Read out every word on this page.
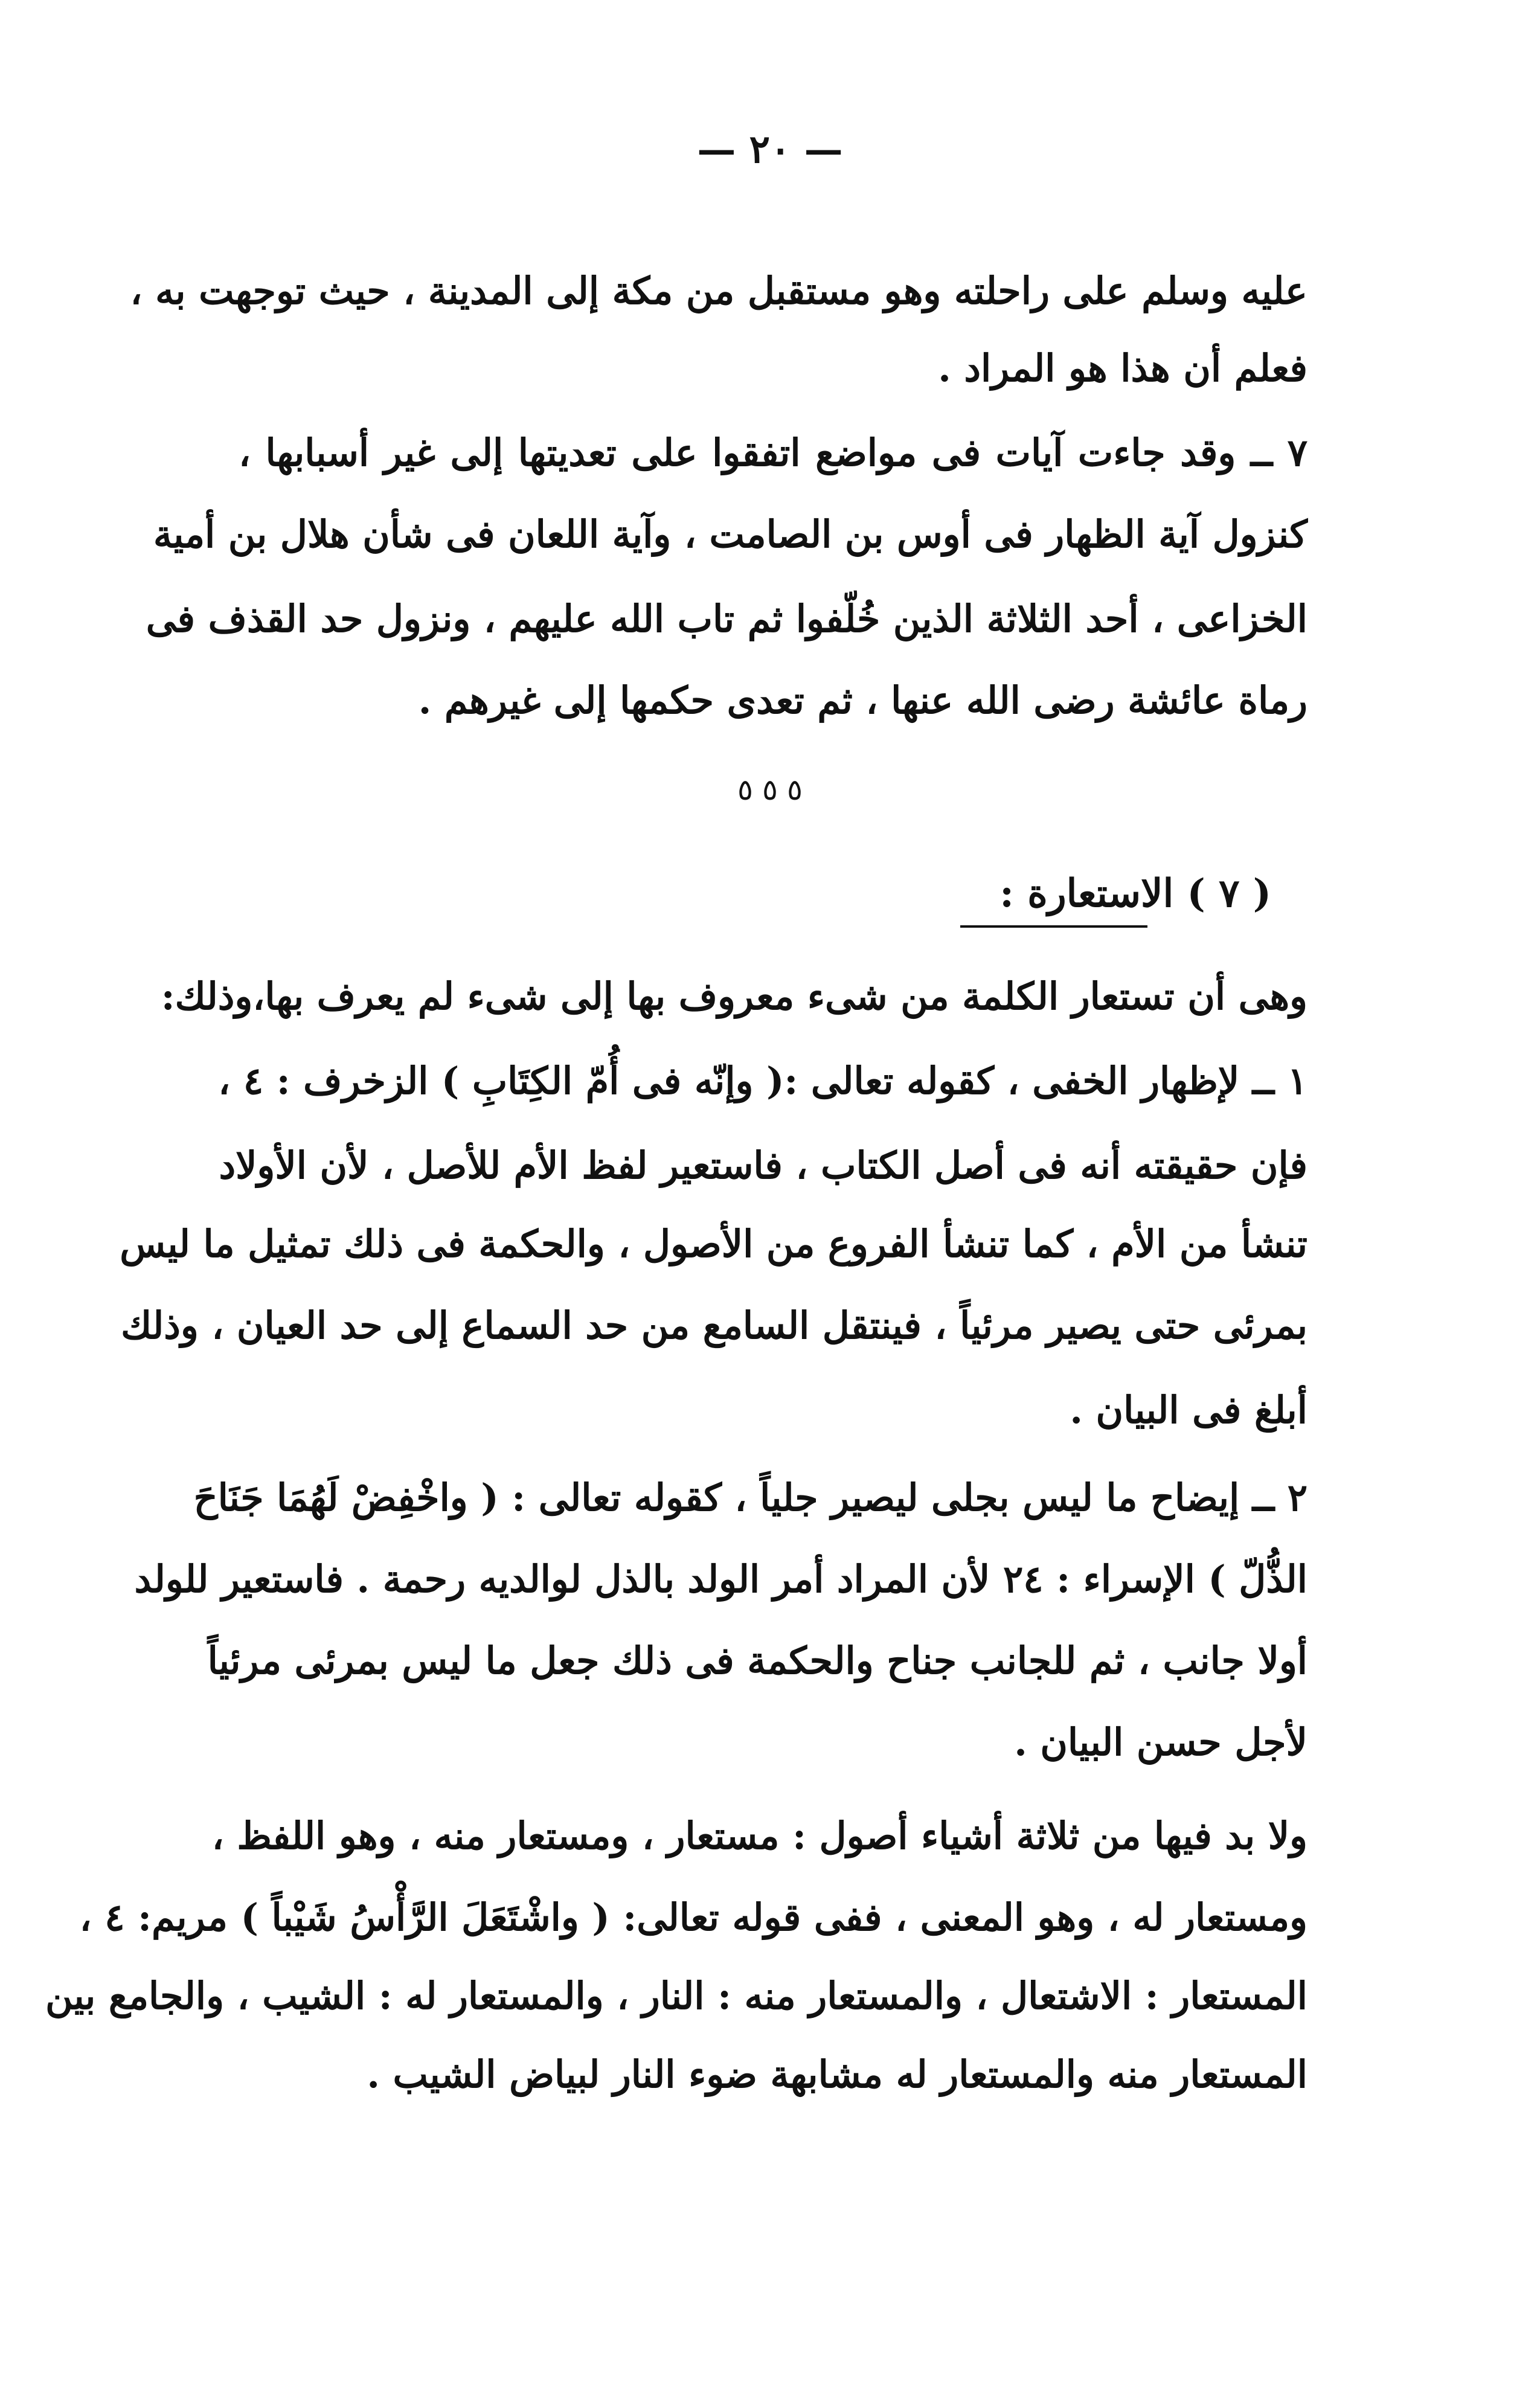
— ٢٠ —
عليه وسلم على راحلته وهو مستقبل من مكة إلى المدينة ، حيث توجهت به ،
فعلم أن هذا هو المراد .
٧ ــ وقد جاءت آيات فى مواضع اتفقوا على تعديتها إلى غير أسبابها ،
كنزول آية الظهار فى أوس بن الصامت ، وآية اللعان فى شأن هلال بن أمية
الخزاعى ، أحد الثلاثة الذين خُلّفوا ثم تاب الله عليهم ، ونزول حد القذف فى
رماة عائشة رضى الله عنها ، ثم تعدى حكمها إلى غيرهم .
٥ ٥ ٥
( ٧ ) الاستعارة :
وهى أن تستعار الكلمة من شىء معروف بها إلى شىء لم يعرف بها،وذلك:
١ ــ لإظهار الخفى ، كقوله تعالى :( وإنّه فى أُمّ الكِتَابِ ) الزخرف : ٤ ،
فإن حقيقته أنه فى أصل الكتاب ، فاستعير لفظ الأم للأصل ، لأن الأولاد
تنشأ من الأم ، كما تنشأ الفروع من الأصول ، والحكمة فى ذلك تمثيل ما ليس
بمرئى حتى يصير مرئياً ، فينتقل السامع من حد السماع إلى حد العيان ، وذلك
أبلغ فى البيان .
٢ ــ إيضاح ما ليس بجلى ليصير جلياً ، كقوله تعالى : ( واخْفِضْ لَهُمَا جَنَاحَ
الذُّلّ ) الإسراء : ٢٤ لأن المراد أمر الولد بالذل لوالديه رحمة . فاستعير للولد
أولا جانب ، ثم للجانب جناح والحكمة فى ذلك جعل ما ليس بمرئى مرئياً
لأجل حسن البيان .
ولا بد فيها من ثلاثة أشياء أصول : مستعار ، ومستعار منه ، وهو اللفظ ،
ومستعار له ، وهو المعنى ، ففى قوله تعالى: ( واشْتَعَلَ الرَّأْسُ شَيْباً ) مريم: ٤ ،
المستعار : الاشتعال ، والمستعار منه : النار ، والمستعار له : الشيب ، والجامع بين
المستعار منه والمستعار له مشابهة ضوء النار لبياض الشيب .
